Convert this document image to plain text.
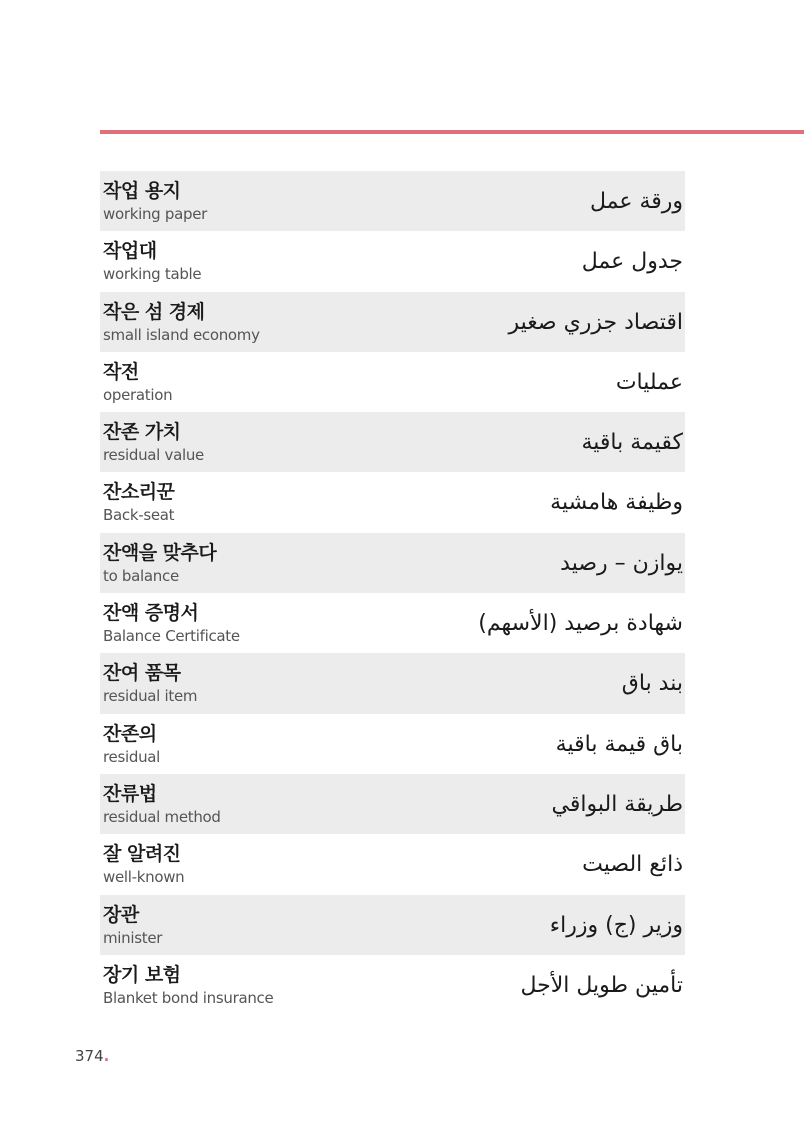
작업 용지
working paper	ورقة عمل
작업대
working table	جدول عمل
작은 섬 경제
small island economy	اقتصاد جزري صغير
작전
operation	عمليات
잔존 가치
residual value	كقيمة باقية
잔소리꾼
Back-seat	وظيفة هامشية
잔액을 맞추다
to balance	يوازن – رصيد
잔액 증명서
Balance Certificate	شهادة برصيد (الأسهم)
잔여 품목
residual item	بند باق
잔존의
residual	باق قيمة باقية
잔류법
residual method	طريقة البواقي
잘 알려진
well-known	ذائع الصيت
장관
minister	وزير (ج) وزراء
장기 보험
Blanket bond insurance	تأمين طويل الأجل
374.
